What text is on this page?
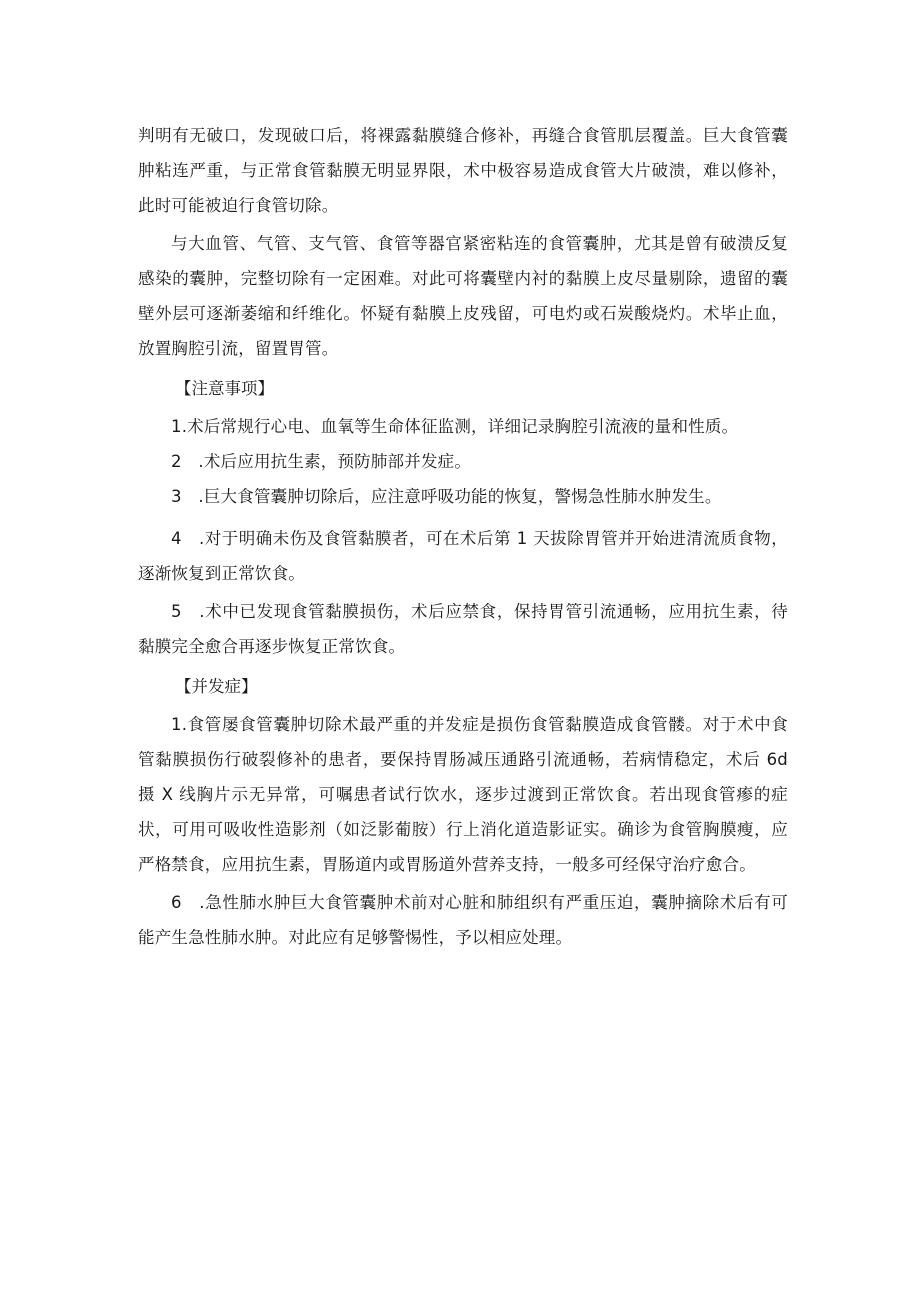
判明有无破口，发现破口后，将裸露黏膜缝合修补，再缝合食管肌层覆盖。巨大食管囊肿粘连严重，与正常食管黏膜无明显界限，术中极容易造成食管大片破溃，难以修补，此时可能被迫行食管切除。

与大血管、气管、支气管、食管等器官紧密粘连的食管囊肿，尤其是曾有破溃反复感染的囊肿，完整切除有一定困难。对此可将囊壁内衬的黏膜上皮尽量剔除，遗留的囊壁外层可逐渐萎缩和纤维化。怀疑有黏膜上皮残留，可电灼或石炭酸烧灼。术毕止血，放置胸腔引流，留置胃管。

【注意事项】

1.术后常规行心电、血氧等生命体征监测，详细记录胸腔引流液的量和性质。

2　.术后应用抗生素，预防肺部并发症。

3　.巨大食管囊肿切除后，应注意呼吸功能的恢复，警惕急性肺水肿发生。

4　.对于明确未伤及食管黏膜者，可在术后第 1 天拔除胃管并开始进清流质食物，逐渐恢复到正常饮食。

5　.术中已发现食管黏膜损伤，术后应禁食，保持胃管引流通畅，应用抗生素，待黏膜完全愈合再逐步恢复正常饮食。

【并发症】

1.食管屡食管囊肿切除术最严重的并发症是损伤食管黏膜造成食管髅。对于术中食管黏膜损伤行破裂修补的患者，要保持胃肠减压通路引流通畅，若病情稳定，术后 6d 摄 X 线胸片示无异常，可嘱患者试行饮水，逐步过渡到正常饮食。若出现食管瘆的症状，可用可吸收性造影剂（如泛影葡胺）行上消化道造影证实。确诊为食管胸膜瘦，应严格禁食，应用抗生素，胃肠道内或胃肠道外营养支持，一般多可经保守治疗愈合。

6　.急性肺水肿巨大食管囊肿术前对心脏和肺组织有严重压迫，囊肿摘除术后有可能产生急性肺水肿。对此应有足够警惕性，予以相应处理。
